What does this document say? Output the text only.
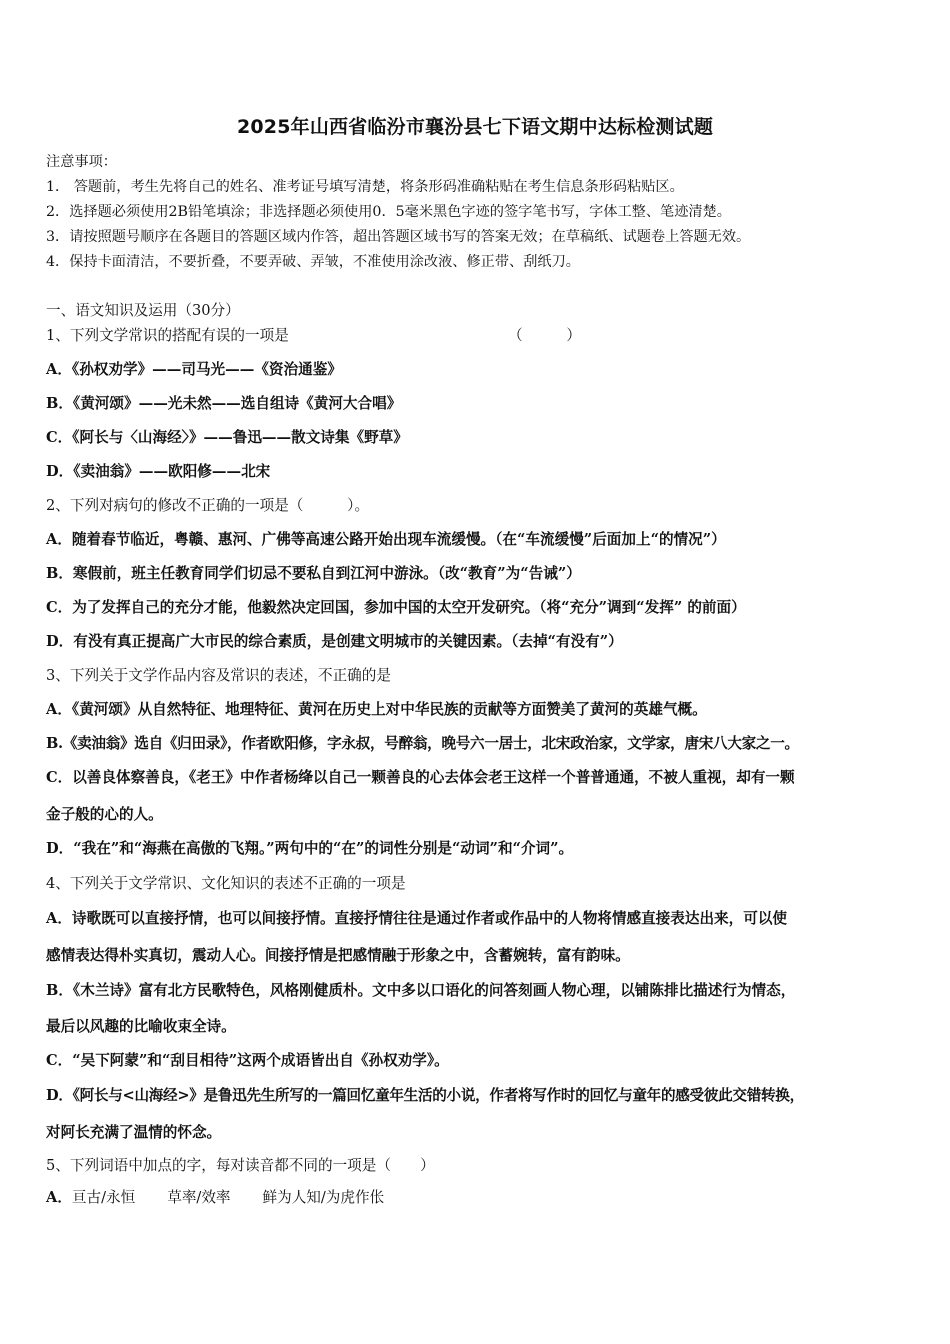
2025年山西省临汾市襄汾县七下语文期中达标检测试题
注意事项：
1． 答题前，考生先将自己的姓名、准考证号填写清楚，将条形码准确粘贴在考生信息条形码粘贴区。
2．选择题必须使用2B铅笔填涂；非选择题必须使用0．5毫米黑色字迹的签字笔书写，字体工整、笔迹清楚。
3．请按照题号顺序在各题目的答题区域内作答，超出答题区域书写的答案无效；在草稿纸、试题卷上答题无效。
4．保持卡面清洁，不要折叠，不要弄破、弄皱，不准使用涂改液、修正带、刮纸刀。
一、语文知识及运用（30分）
1、下列文学常识的搭配有误的一项是	（　　　）
A．《孙权劝学》——司马光——《资治通鉴》
B．《黄河颂》——光未然——选自组诗《黄河大合唱》
C．《阿长与〈山海经〉》——鲁迅——散文诗集《野草》
D．《卖油翁》——欧阳修——北宋
2、下列对病句的修改不正确的一项是（　　　）。
A．随着春节临近，粤赣、惠河、广佛等高速公路开始出现车流缓慢。（在“车流缓慢”后面加上“的情况”）
B．寒假前，班主任教育同学们切忌不要私自到江河中游泳。（改“教育”为“告诫”）
C．为了发挥自己的充分才能，他毅然决定回国，参加中国的太空开发研究。（将“充分”调到“发挥” 的前面）
D．有没有真正提高广大市民的综合素质，是创建文明城市的关键因素。（去掉“有没有”）
3、下列关于文学作品内容及常识的表述，不正确的是
A．《黄河颂》从自然特征、地理特征、黄河在历史上对中华民族的贡献等方面赞美了黄河的英雄气概。
B.《卖油翁》选自《归田录》，作者欧阳修，字永叔，号醉翁，晚号六一居士，北宋政治家，文学家，唐宋八大家之一。
C．以善良体察善良，《老王》中作者杨绛以自己一颗善良的心去体会老王这样一个普普通通，不被人重视，却有一颗
金子般的心的人。
D．“我在”和“海燕在高傲的飞翔。”两句中的“在”的词性分别是“动词”和“介词”。
4、下列关于文学常识、文化知识的表述不正确的一项是
A．诗歌既可以直接抒情，也可以间接抒情。直接抒情往往是通过作者或作品中的人物将情感直接表达出来，可以使
感情表达得朴实真切，震动人心。间接抒情是把感情融于形象之中，含蓄婉转，富有韵味。
B．《木兰诗》富有北方民歌特色，风格刚健质朴。文中多以口语化的问答刻画人物心理，以铺陈排比描述行为情态，
最后以风趣的比喻收束全诗。
C．“吴下阿蒙”和“刮目相待”这两个成语皆出自《孙权劝学》。
D．《阿长与<山海经>》是鲁迅先生所写的一篇回忆童年生活的小说，作者将写作时的回忆与童年的感受彼此交错转换，
对阿长充满了温情的怀念。
5、下列词语中加点的字，每对读音都不同的一项是（　　）
A．亘古/永恒 草率/效率 鲜为人知/为虎作伥
